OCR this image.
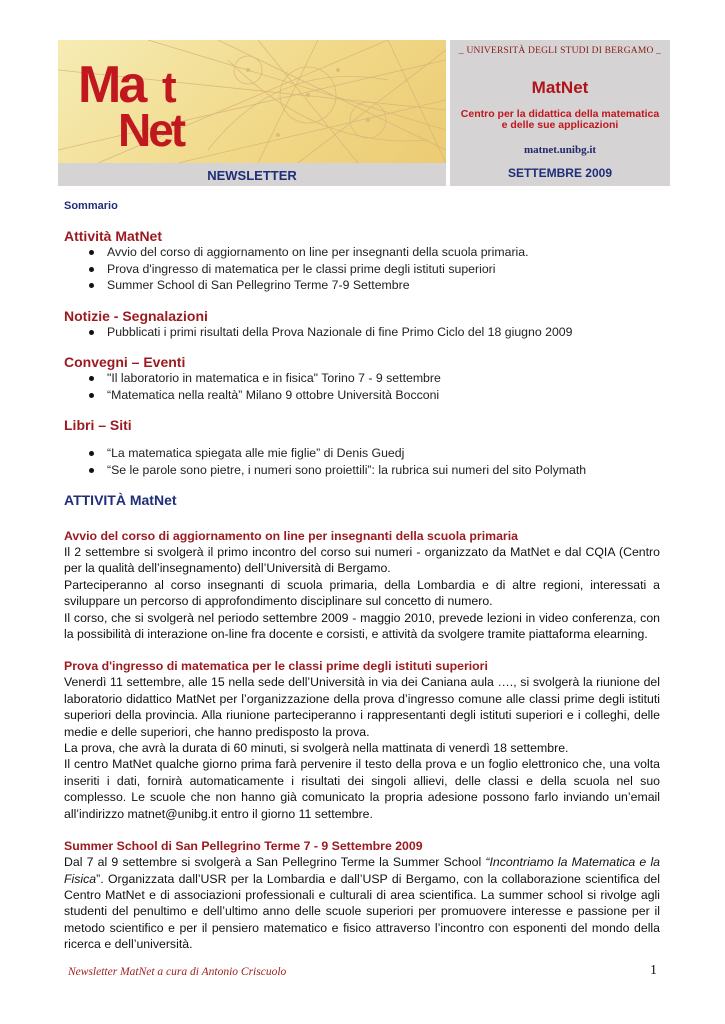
Ma t
Net
NEWSLETTER
_ UNIVERSITÀ DEGLI STUDI DI BERGAMO _
MatNet
Centro per la didattica della matematica
e delle sue applicazioni
matnet.unibg.it
SETTEMBRE 2009

Sommario

Attività MatNet

Avvio del corso di aggiornamento on line per insegnanti della scuola primaria.
Prova d'ingresso di matematica per le classi prime degli istituti superiori
Summer School di San Pellegrino Terme 7-9 Settembre

Notizie - Segnalazioni

Pubblicati i primi risultati della Prova Nazionale di fine Primo Ciclo del 18 giugno 2009

Convegni – Eventi

"Il laboratorio in matematica e in fisica" Torino 7 - 9 settembre
“Matematica nella realtà” Milano 9 ottobre Università Bocconi

Libri – Siti

“La matematica spiegata alle mie figlie” di Denis Guedj
“Se le parole sono pietre, i numeri sono proiettili”: la rubrica sui numeri del sito Polymath

ATTIVITÀ MatNet

Avvio del corso di aggiornamento on line per insegnanti della scuola primaria

Il 2 settembre si svolgerà il primo incontro del corso sui numeri - organizzato da MatNet e dal CQIA (Centro per la qualità dell’insegnamento) dell’Università di Bergamo.

Parteciperanno al corso insegnanti di scuola primaria, della Lombardia e di altre regioni, interessati a sviluppare un percorso di approfondimento disciplinare sul concetto di numero.

Il corso, che si svolgerà nel periodo settembre 2009 - maggio 2010, prevede lezioni in video conferenza, con la possibilità di interazione on-line fra docente e corsisti, e attività da svolgere tramite piattaforma elearning.

Prova d'ingresso di matematica per le classi prime degli istituti superiori

Venerdì 11 settembre, alle 15 nella sede dell’Università in via dei Caniana aula …., si svolgerà la riunione del laboratorio didattico MatNet per l’organizzazione della prova d’ingresso comune alle classi prime degli istituti superiori della provincia. Alla riunione parteciperanno i rappresentanti degli istituti superiori e i colleghi, delle medie e delle superiori, che hanno predisposto la prova.

La prova, che avrà la durata di 60 minuti, si svolgerà nella mattinata di venerdì 18 settembre.

Il centro MatNet qualche giorno prima farà pervenire il testo della prova e un foglio elettronico che, una volta inseriti i dati, fornirà automaticamente i risultati dei singoli allievi, delle classi e della scuola nel suo complesso. Le scuole che non hanno già comunicato la propria adesione possono farlo inviando un’email all’indirizzo matnet@unibg.it entro il giorno 11 settembre.

Summer School di San Pellegrino Terme 7 - 9 Settembre 2009

Dal 7 al 9 settembre si svolgerà a San Pellegrino Terme la Summer School “Incontriamo la Matematica e la Fisica”. Organizzata dall’USR per la Lombardia e dall’USP di Bergamo, con la collaborazione scientifica del Centro MatNet e di associazioni professionali e culturali di area scientifica. La summer school si rivolge agli studenti del penultimo e dell’ultimo anno delle scuole superiori per promuovere interesse e passione per il metodo scientifico e per il pensiero matematico e fisico attraverso l’incontro con esponenti del mondo della ricerca e dell’università.

Newsletter MatNet a cura di Antonio Criscuolo	1
